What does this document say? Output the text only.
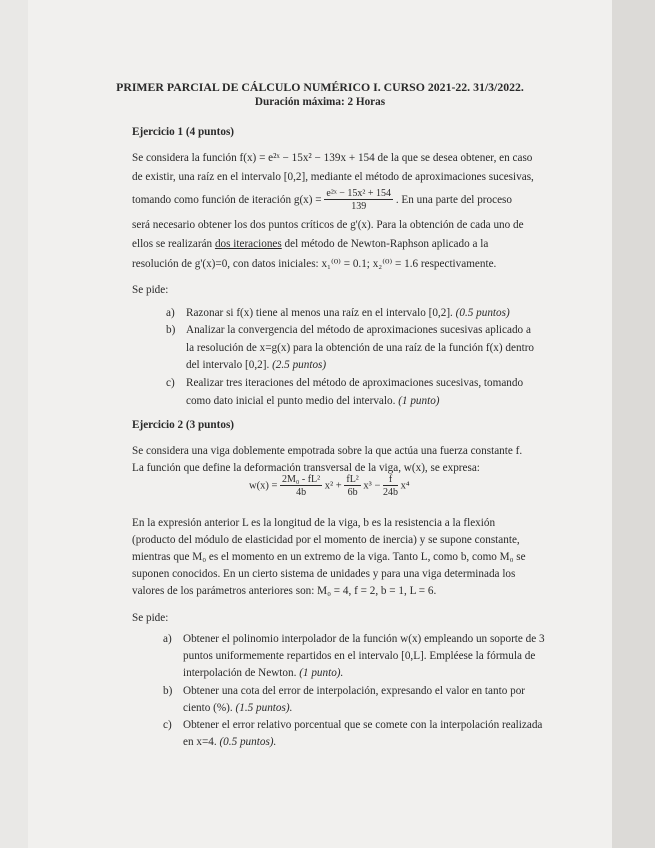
PRIMER PARCIAL DE CÁLCULO NUMÉRICO I. CURSO 2021-22. 31/3/2022.
Duración máxima: 2 Horas
Ejercicio 1 (4 puntos)
Se considera la función f(x) = e²ˣ − 15x² − 139x + 154 de la que se desea obtener, en caso
de existir, una raíz en el intervalo [0,2], mediante el método de aproximaciones sucesivas,
tomando como función de iteración $g(x) = \frac{\text{e²ˣ − 15x² + 154}}{139}$ . En una parte del proceso
será necesario obtener los dos puntos críticos de g'(x). Para la obtención de cada uno de
ellos se realizarán dos iteraciones del método de Newton-Raphson aplicado a la
resolución de g'(x)=0, con datos iniciales: x₁⁽⁰⁾ = 0.1; x₂⁽⁰⁾ = 1.6 respectivamente.
Se pide:
a) Razonar si f(x) tiene al menos una raíz en el intervalo [0,2]. (0.5 puntos)
b) Analizar la convergencia del método de aproximaciones sucesivas aplicado a
la resolución de x=g(x) para la obtención de una raíz de la función f(x) dentro
del intervalo [0,2]. (2.5 puntos)
c) Realizar tres iteraciones del método de aproximaciones sucesivas, tomando
como dato inicial el punto medio del intervalo. (1 punto)
Ejercicio 2 (3 puntos)
Se considera una viga doblemente empotrada sobre la que actúa una fuerza constante f.
La función que define la deformación transversal de la viga, w(x), se expresa:
$w(x) = \frac{\text{2M₀ - fL²}}{4b} x^2 + \frac{\text{fL²}}{6b} x^3 - \frac{f}{24b} x^4$
En la expresión anterior L es la longitud de la viga, b es la resistencia a la flexión
(producto del módulo de elasticidad por el momento de inercia) y se supone constante,
mientras que M₀ es el momento en un extremo de la viga. Tanto L, como b, como M₀ se
suponen conocidos. En un cierto sistema de unidades y para una viga determinada los
valores de los parámetros anteriores son: M₀ = 4, f = 2, b = 1, L = 6.
Se pide:
a) Obtener el polinomio interpolador de la función w(x) empleando un soporte de 3
puntos uniformemente repartidos en el intervalo [0,L]. Empléese la fórmula de
interpolación de Newton. (1 punto).
b) Obtener una cota del error de interpolación, expresando el valor en tanto por
ciento (%). (1.5 puntos).
c) Obtener el error relativo porcentual que se comete con la interpolación realizada
en x=4. (0.5 puntos).
